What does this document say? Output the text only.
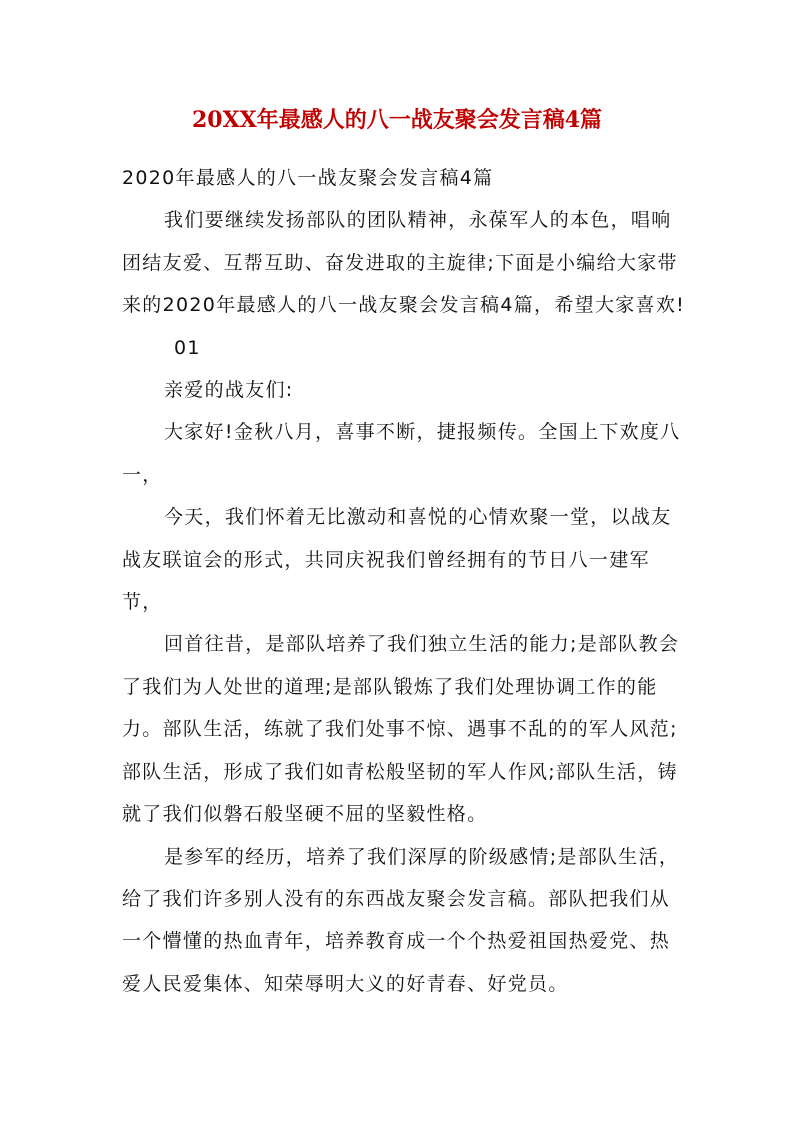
20XX年最感人的八一战友聚会发言稿4篇

2020年最感人的八一战友聚会发言稿4篇

我们要继续发扬部队的团队精神，永葆军人的本色，唱响团结友爱、互帮互助、奋发进取的主旋律;下面是小编给大家带来的2020年最感人的八一战友聚会发言稿4篇，希望大家喜欢!

01

亲爱的战友们:

大家好!金秋八月，喜事不断，捷报频传。全国上下欢度八一，

今天，我们怀着无比激动和喜悦的心情欢聚一堂，以战友战友联谊会的形式，共同庆祝我们曾经拥有的节日八一建军节，

回首往昔，是部队培养了我们独立生活的能力;是部队教会了我们为人处世的道理;是部队锻炼了我们处理协调工作的能力。部队生活，练就了我们处事不惊、遇事不乱的的军人风范;部队生活，形成了我们如青松般坚韧的军人作风;部队生活，铸就了我们似磐石般坚硬不屈的坚毅性格。

是参军的经历，培养了我们深厚的阶级感情;是部队生活，给了我们许多别人没有的东西战友聚会发言稿。部队把我们从一个懵懂的热血青年，培养教育成一个个热爱祖国热爱党、热爱人民爱集体、知荣辱明大义的好青春、好党员。
